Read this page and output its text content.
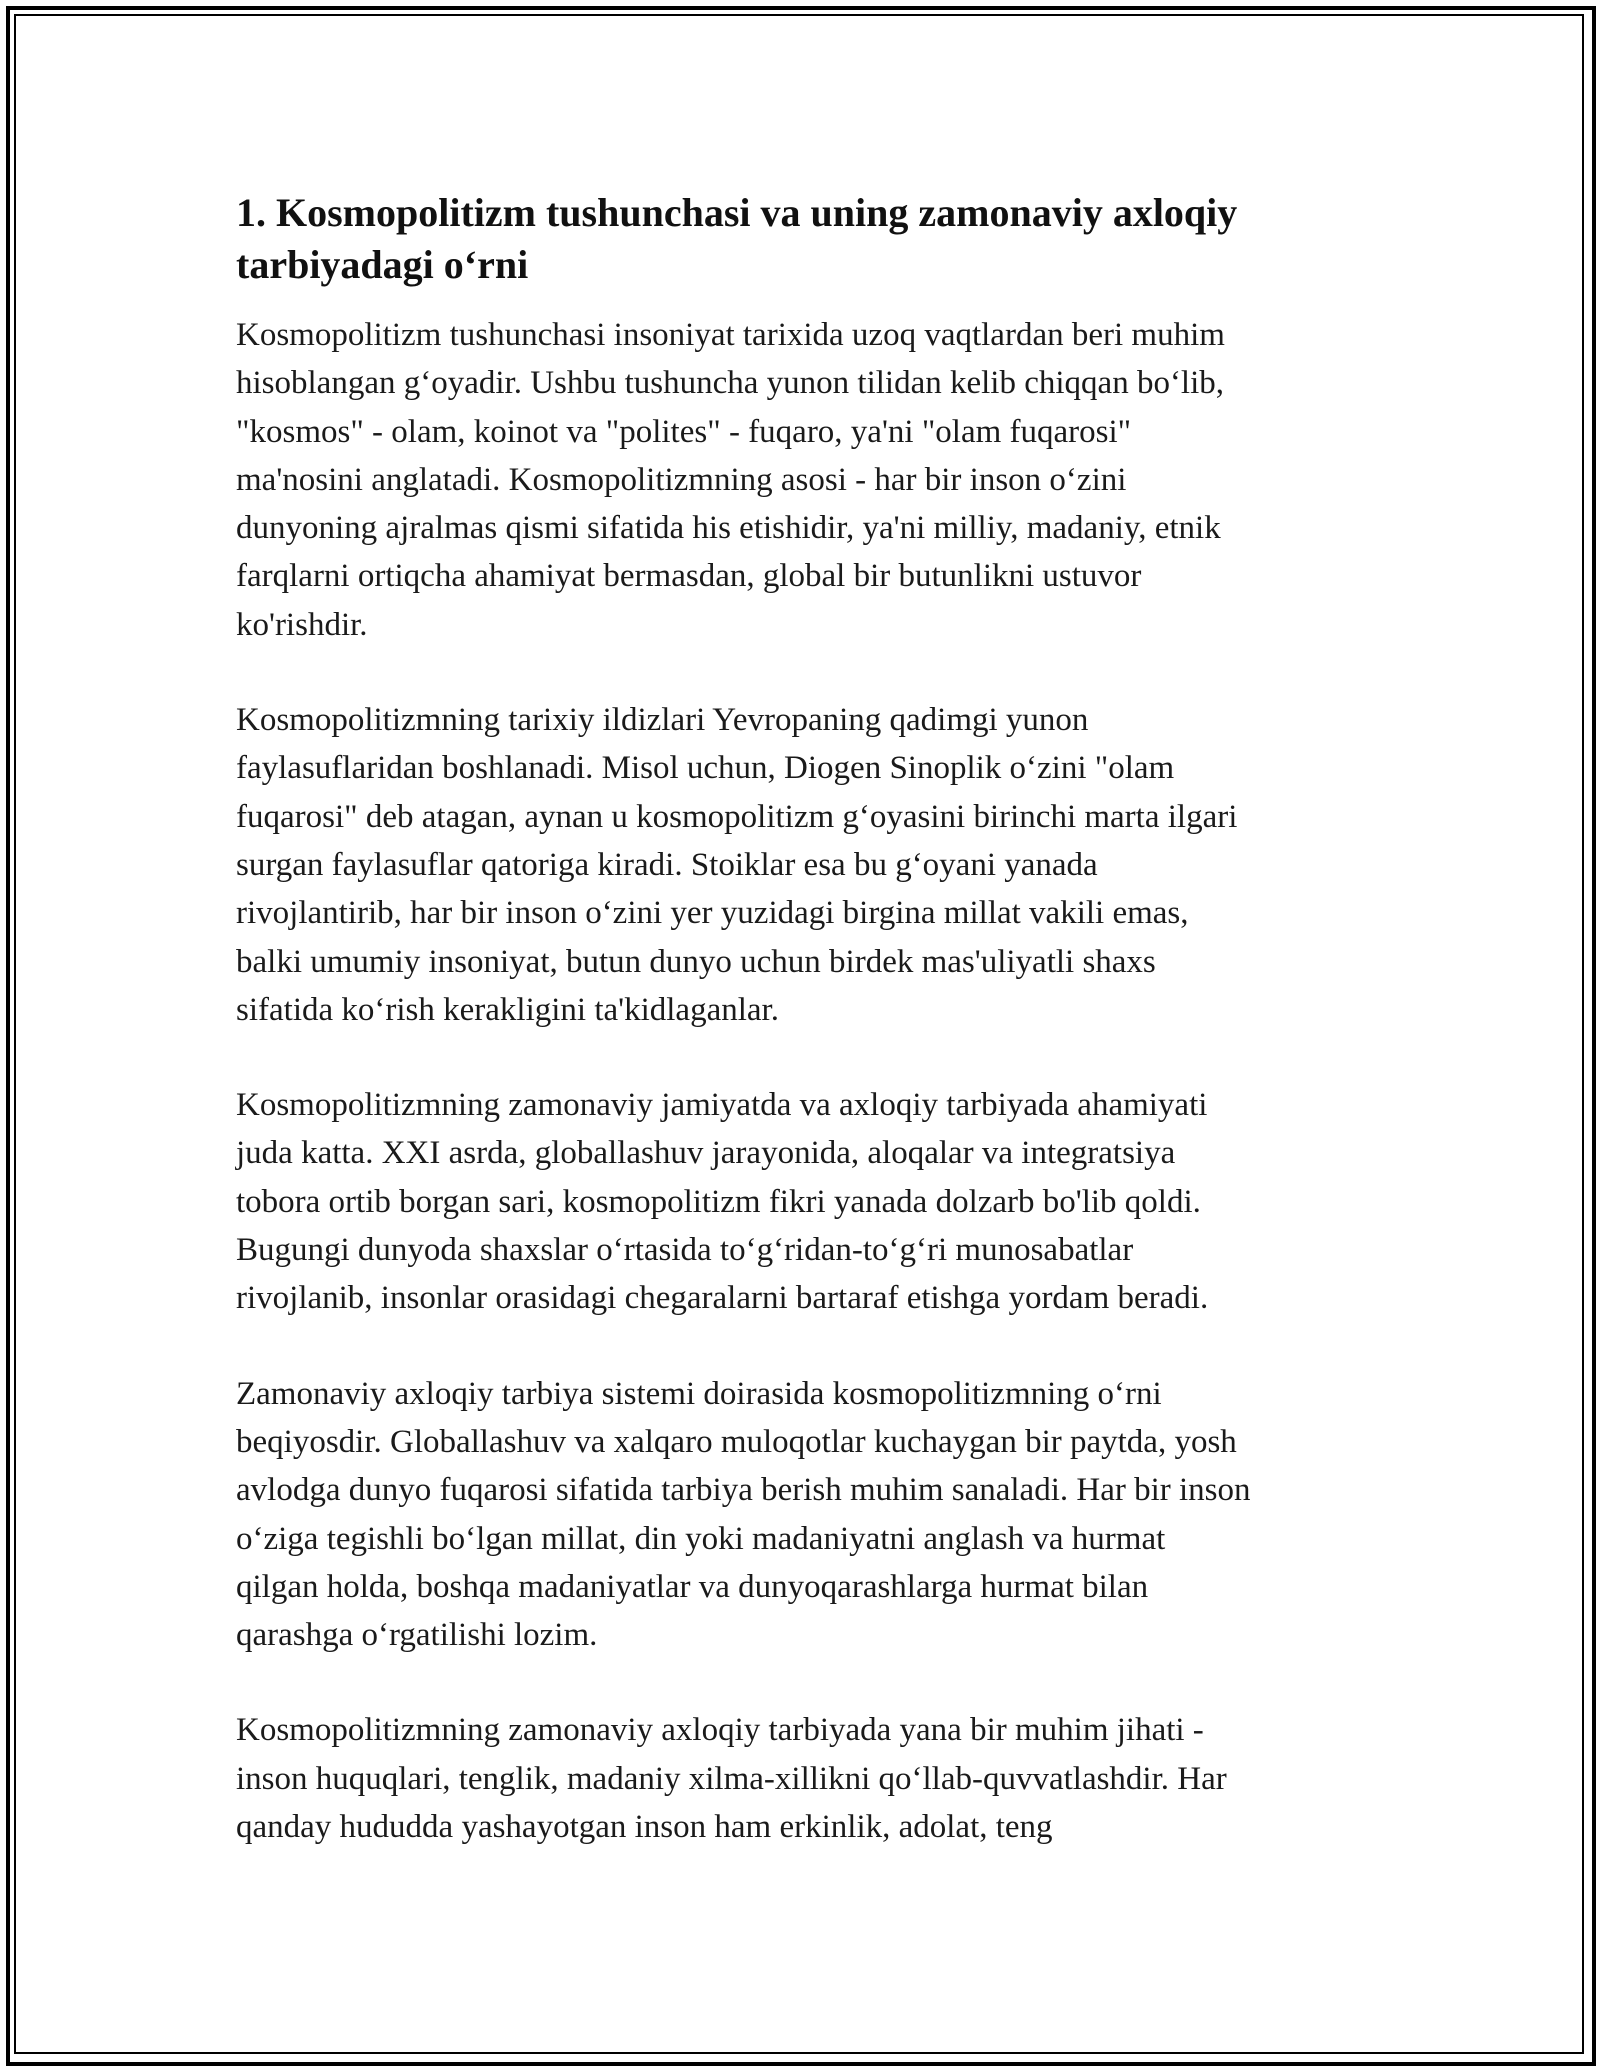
1. Kosmopolitizm tushunchasi va uning zamonaviy axloqiy
tarbiyadagi o‘rni

Kosmopolitizm tushunchasi insoniyat tarixida uzoq vaqtlardan beri muhim
hisoblangan g‘oyadir. Ushbu tushuncha yunon tilidan kelib chiqqan bo‘lib,
"kosmos" - olam, koinot va "polites" - fuqaro, ya'ni "olam fuqarosi"
ma'nosini anglatadi. Kosmopolitizmning asosi - har bir inson o‘zini
dunyoning ajralmas qismi sifatida his etishidir, ya'ni milliy, madaniy, etnik
farqlarni ortiqcha ahamiyat bermasdan, global bir butunlikni ustuvor
ko'rishdir.

Kosmopolitizmning tarixiy ildizlari Yevropaning qadimgi yunon
faylasuflaridan boshlanadi. Misol uchun, Diogen Sinoplik o‘zini "olam
fuqarosi" deb atagan, aynan u kosmopolitizm g‘oyasini birinchi marta ilgari
surgan faylasuflar qatoriga kiradi. Stoiklar esa bu g‘oyani yanada
rivojlantirib, har bir inson o‘zini yer yuzidagi birgina millat vakili emas,
balki umumiy insoniyat, butun dunyo uchun birdek mas'uliyatli shaxs
sifatida ko‘rish kerakligini ta'kidlaganlar.

Kosmopolitizmning zamonaviy jamiyatda va axloqiy tarbiyada ahamiyati
juda katta. XXI asrda, globallashuv jarayonida, aloqalar va integratsiya
tobora ortib borgan sari, kosmopolitizm fikri yanada dolzarb bo'lib qoldi.
Bugungi dunyoda shaxslar o‘rtasida to‘g‘ridan-to‘g‘ri munosabatlar
rivojlanib, insonlar orasidagi chegaralarni bartaraf etishga yordam beradi.

Zamonaviy axloqiy tarbiya sistemi doirasida kosmopolitizmning o‘rni
beqiyosdir. Globallashuv va xalqaro muloqotlar kuchaygan bir paytda, yosh
avlodga dunyo fuqarosi sifatida tarbiya berish muhim sanaladi. Har bir inson
o‘ziga tegishli bo‘lgan millat, din yoki madaniyatni anglash va hurmat
qilgan holda, boshqa madaniyatlar va dunyoqarashlarga hurmat bilan
qarashga o‘rgatilishi lozim.

Kosmopolitizmning zamonaviy axloqiy tarbiyada yana bir muhim jihati -
inson huquqlari, tenglik, madaniy xilma-xillikni qo‘llab-quvvatlashdir. Har
qanday hududda yashayotgan inson ham erkinlik, adolat, teng
